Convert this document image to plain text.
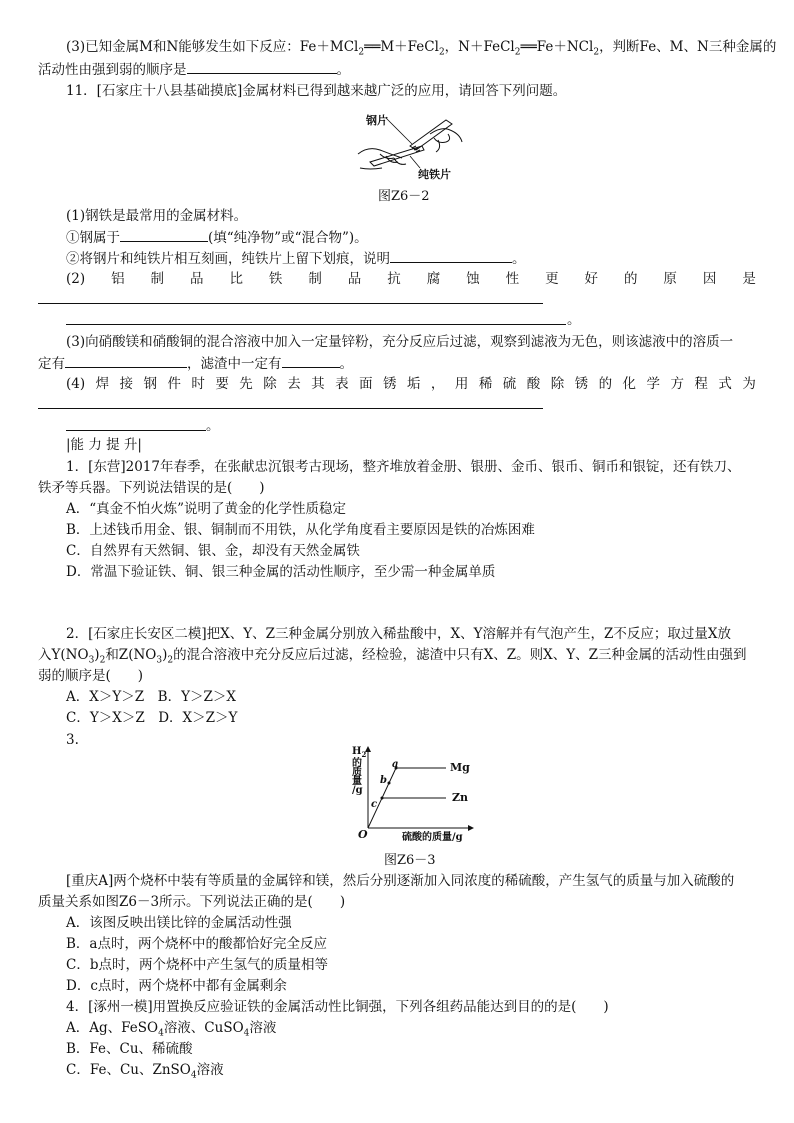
(3)已知金属M和N能够发生如下反应：Fe＋MCl$_2$══M＋FeCl$_2$，N＋FeCl$_2$══Fe＋NCl$_2$，判断Fe、M、N三种金属的
活动性由强到弱的顺序是	。
11．[石家庄十八县基础摸底]金属材料已得到越来越广泛的应用，请回答下列问题。
钢片
纯铁片
图Z6－2
(1)钢铁是最常用的金属材料。
①钢属于	(填“纯净物”或“混合物”)。
②将钢片和纯铁片相互刻画，纯铁片上留下划痕，说明	。
(2) 铝 制 品 比 铁 制 品 抗 腐 蚀 性 更 好 的 原 因 是
。
(3)向硝酸镁和硝酸铜的混合溶液中加入一定量锌粉，充分反应后过滤，观察到滤液为无色，则该滤液中的溶质一
定有	，滤渣中一定有	。
(4) 焊 接 钢 件 时 要 先 除 去 其 表 面 锈 垢 ， 用 稀 硫 酸 除 锈 的 化 学 方 程 式 为
。
|能 力 提 升|
1．[东营]2017年春季，在张献忠沉银考古现场，整齐堆放着金册、银册、金币、银币、铜币和银锭，还有铁刀、
铁矛等兵器。下列说法错误的是(　　)
A．“真金不怕火炼”说明了黄金的化学性质稳定
B．上述钱币用金、银、铜制而不用铁，从化学角度看主要原因是铁的冶炼困难
C．自然界有天然铜、银、金，却没有天然金属铁
D．常温下验证铁、铜、银三种金属的活动性顺序，至少需一种金属单质
2．[石家庄长安区二模]把X、Y、Z三种金属分别放入稀盐酸中，X、Y溶解并有气泡产生，Z不反应；取过量X放
入$Y(NO_3)_2$和$Z(NO_3)_2$的混合溶液中充分反应后过滤，经检验，滤渣中只有X、Z。则X、Y、Z三种金属的活动性由强到
弱的顺序是(　　)
A．X＞Y＞Z　B．Y＞Z＞X
C．Y＞X＞Z　D．X＞Z＞Y
3.
$H_2$
的
质
量
/g
O	硫酸的质量/g
a
b
c
Mg
Zn
图Z6－3
[重庆A]两个烧杯中装有等质量的金属锌和镁，然后分别逐渐加入同浓度的稀硫酸，产生氢气的质量与加入硫酸的
质量关系如图Z6－3所示。下列说法正确的是(　　)
A．该图反映出镁比锌的金属活动性强
B．a点时，两个烧杯中的酸都恰好完全反应
C．b点时，两个烧杯中产生氢气的质量相等
D．c点时，两个烧杯中都有金属剩余
4．[涿州一模]用置换反应验证铁的金属活动性比铜强，下列各组药品能达到目的的是(　　)
A．Ag、FeSO$_4$溶液、CuSO$_4$溶液
B．Fe、Cu、稀硫酸
C．Fe、Cu、ZnSO$_4$溶液
